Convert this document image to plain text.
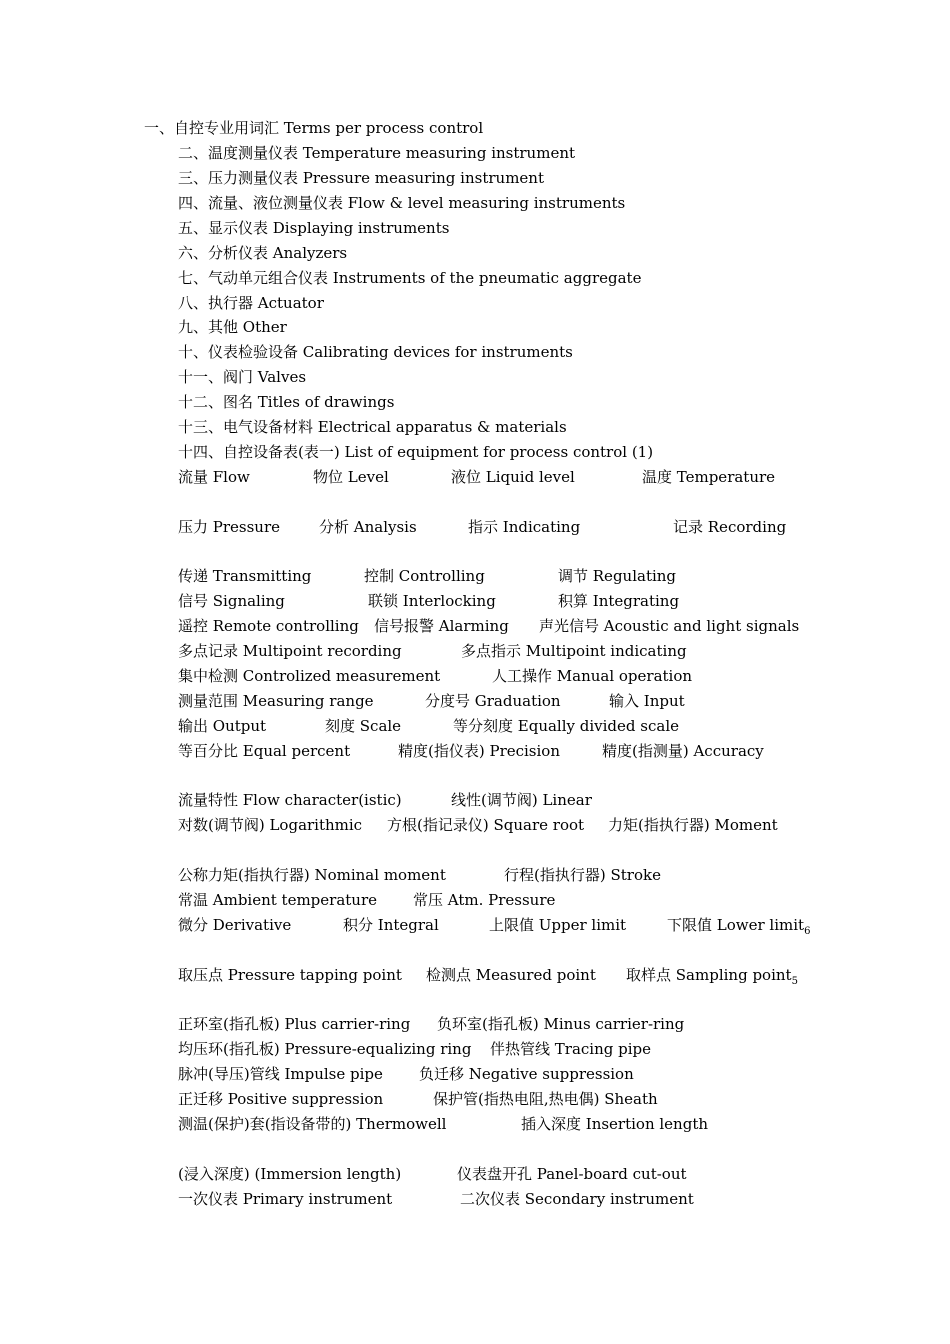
一、自控专业用词汇 Terms per process control
二、温度测量仪表 Temperature measuring instrument
三、压力测量仪表 Pressure measuring instrument
四、流量、液位测量仪表 Flow & level measuring instruments
五、显示仪表 Displaying instruments
六、分析仪表 Analyzers
七、气动单元组合仪表 Instruments of the pneumatic aggregate
八、执行器 Actuator
九、其他 Other
十、仪表检验设备 Calibrating devices for instruments
十一、阀门 Valves
十二、图名 Titles of drawings
十三、电气设备材料 Electrical apparatus & materials
十四、自控设备表(表一) List of equipment for process control (1)
流量 Flow	物位 Level	液位 Liquid level	温度 Temperature
压力 Pressure	分析 Analysis	指示 Indicating	记录 Recording
传递 Transmitting	控制 Controlling	调节 Regulating
信号 Signaling	联锁 Interlocking	积算 Integrating
遥控 Remote controlling 信号报警 Alarming 声光信号 Acoustic and light signals
多点记录 Multipoint recording	多点指示 Multipoint indicating
集中检测 Controlized measurement	人工操作 Manual operation
测量范围 Measuring range	分度号 Graduation	输入 Input
输出 Output	刻度 Scale	等分刻度 Equally divided scale
等百分比 Equal percent	精度(指仪表) Precision	精度(指测量) Accuracy
流量特性 Flow character(istic)	线性(调节阀) Linear
对数(调节阀) Logarithmic 方根(指记录仪) Square root 力矩(指执行器) Moment
公称力矩(指执行器) Nominal moment	行程(指执行器) Stroke
常温 Ambient temperature 常压 Atm. Pressure
微分 Derivative	积分 Integral	上限值 Upper limit	下限值 Lower limit$_6$
取压点 Pressure tapping point 检测点 Measured point 取样点 Sampling point$_5$
正环室(指孔板) Plus carrier-ring 负环室(指孔板) Minus carrier-ring
均压环(指孔板) Pressure-equalizing ring 伴热管线 Tracing pipe
脉冲(导压)管线 Impulse pipe 负迁移 Negative suppression
正迁移 Positive suppression	保护管(指热电阻,热电偶) Sheath
测温(保护)套(指设备带的) Thermowell	插入深度 Insertion length
(浸入深度) (Immersion length)	仪表盘开孔 Panel-board cut-out
一次仪表 Primary instrument	二次仪表 Secondary instrument
